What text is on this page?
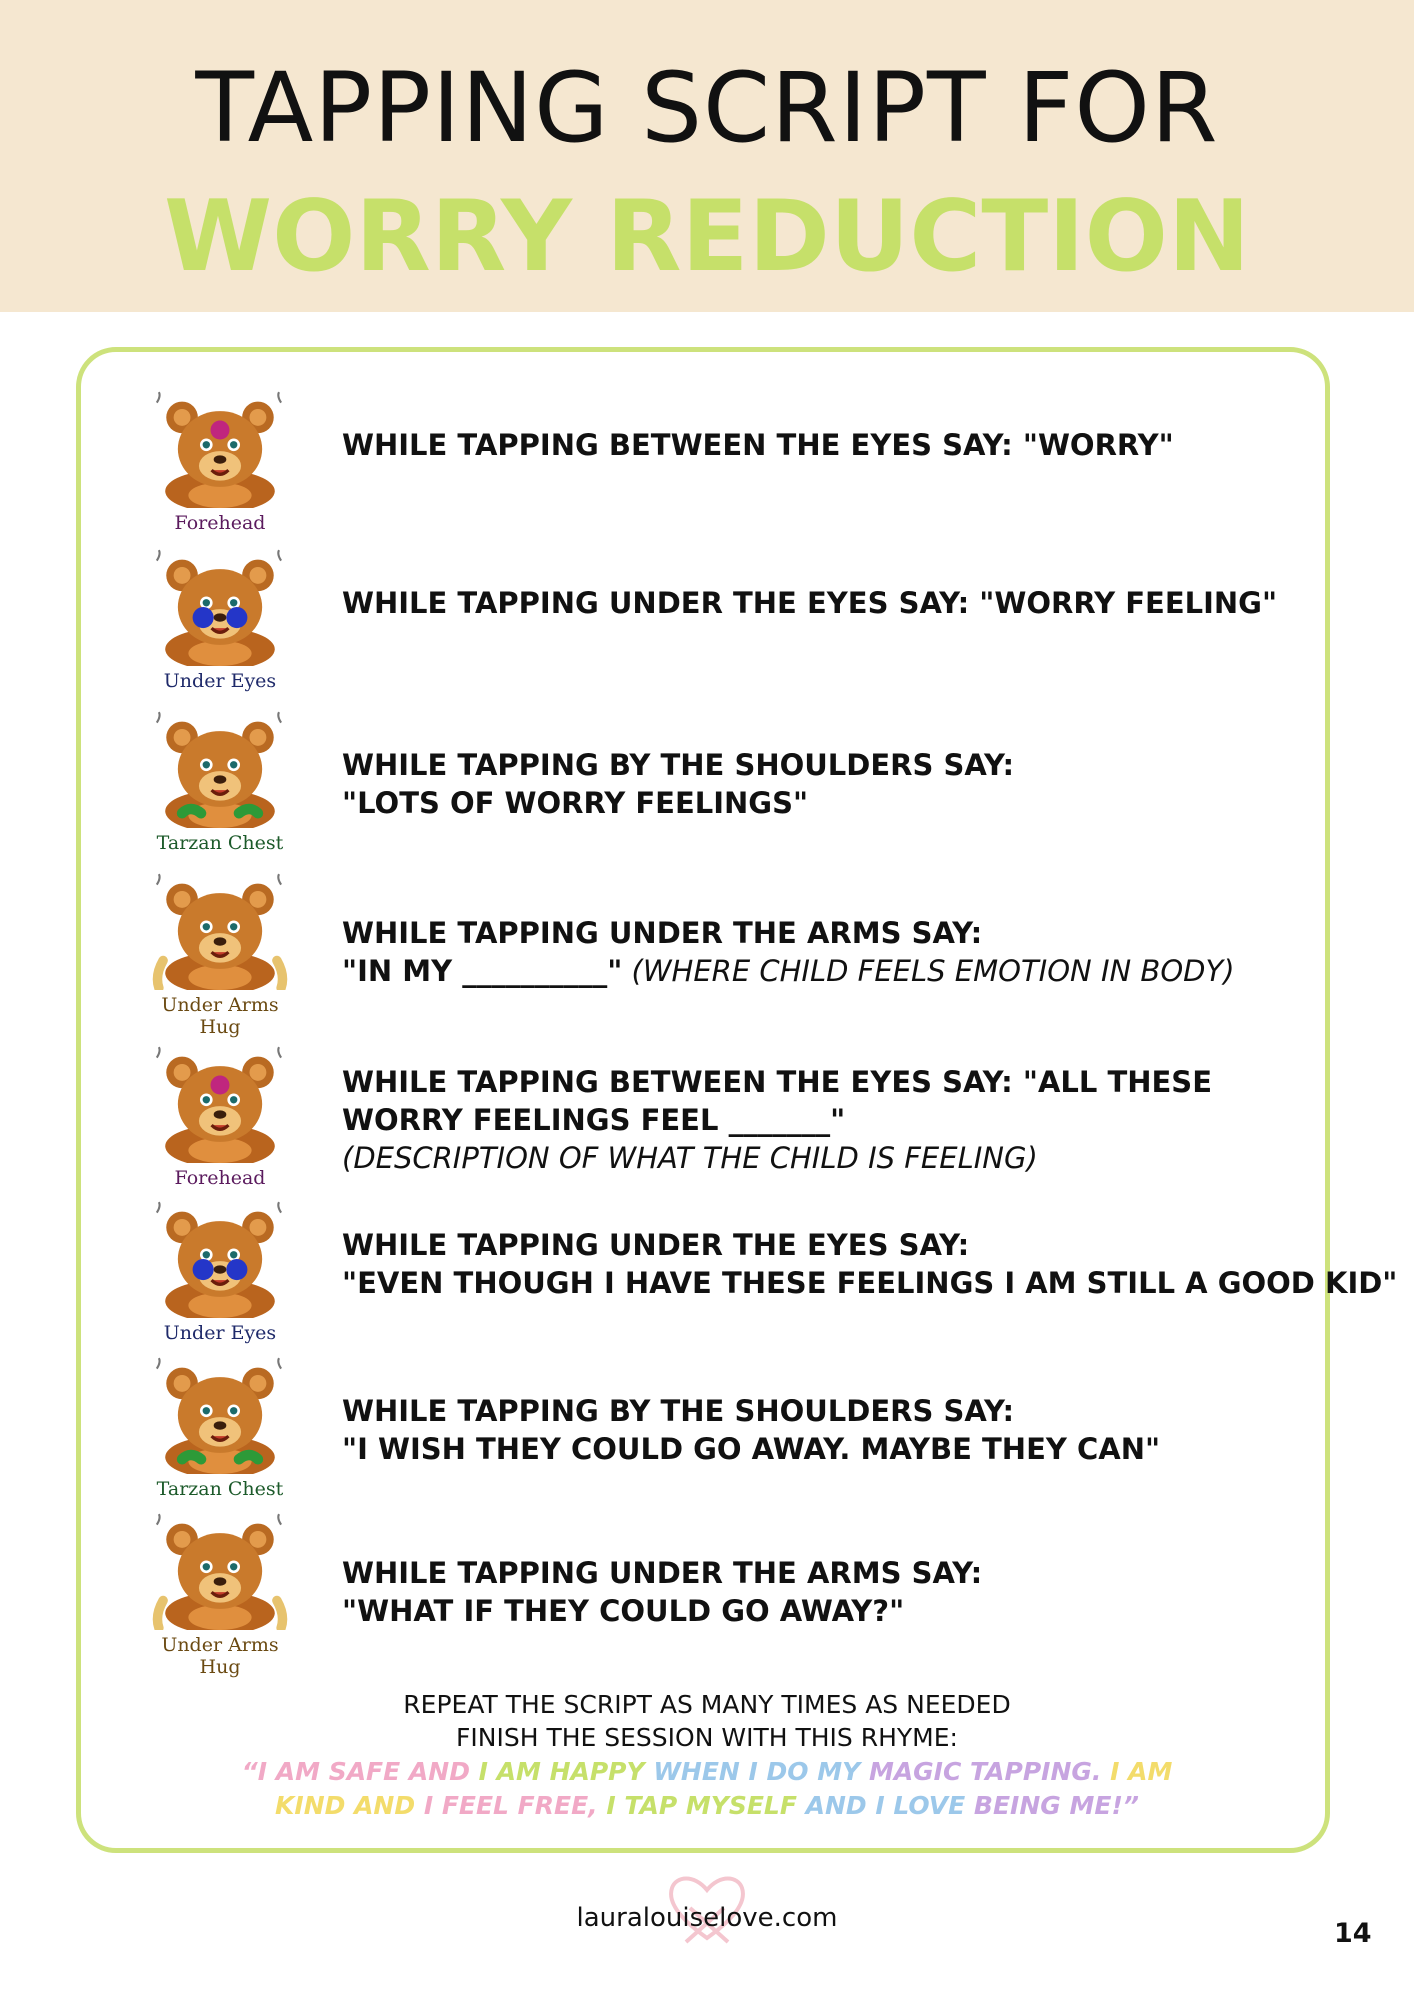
TAPPING SCRIPT FOR
WORRY REDUCTION
Forehead
WHILE TAPPING BETWEEN THE EYES SAY: "WORRY"
Under Eyes
WHILE TAPPING UNDER THE EYES SAY: "WORRY FEELING"
Tarzan Chest
WHILE TAPPING BY THE SHOULDERS SAY:
"LOTS OF WORRY FEELINGS"
Under Arms Hug
WHILE TAPPING UNDER THE ARMS SAY:
"IN MY __________" (WHERE CHILD FEELS EMOTION IN BODY)
Forehead
WHILE TAPPING BETWEEN THE EYES SAY: "ALL THESE
WORRY FEELINGS FEEL _______"
(DESCRIPTION OF WHAT THE CHILD IS FEELING)
Under Eyes
WHILE TAPPING UNDER THE EYES SAY:
"EVEN THOUGH I HAVE THESE FEELINGS I AM STILL A GOOD KID"
Tarzan Chest
WHILE TAPPING BY THE SHOULDERS SAY:
"I WISH THEY COULD GO AWAY. MAYBE THEY CAN"
Under Arms Hug
WHILE TAPPING UNDER THE ARMS SAY:
"WHAT IF THEY COULD GO AWAY?"
REPEAT THE SCRIPT AS MANY TIMES AS NEEDED
FINISH THE SESSION WITH THIS RHYME:
“I AM SAFE AND I AM HAPPY WHEN I DO MY MAGIC TAPPING. I AM
KIND AND I FEEL FREE, I TAP MYSELF AND I LOVE BEING ME!”
lauralouiselove.com	14
